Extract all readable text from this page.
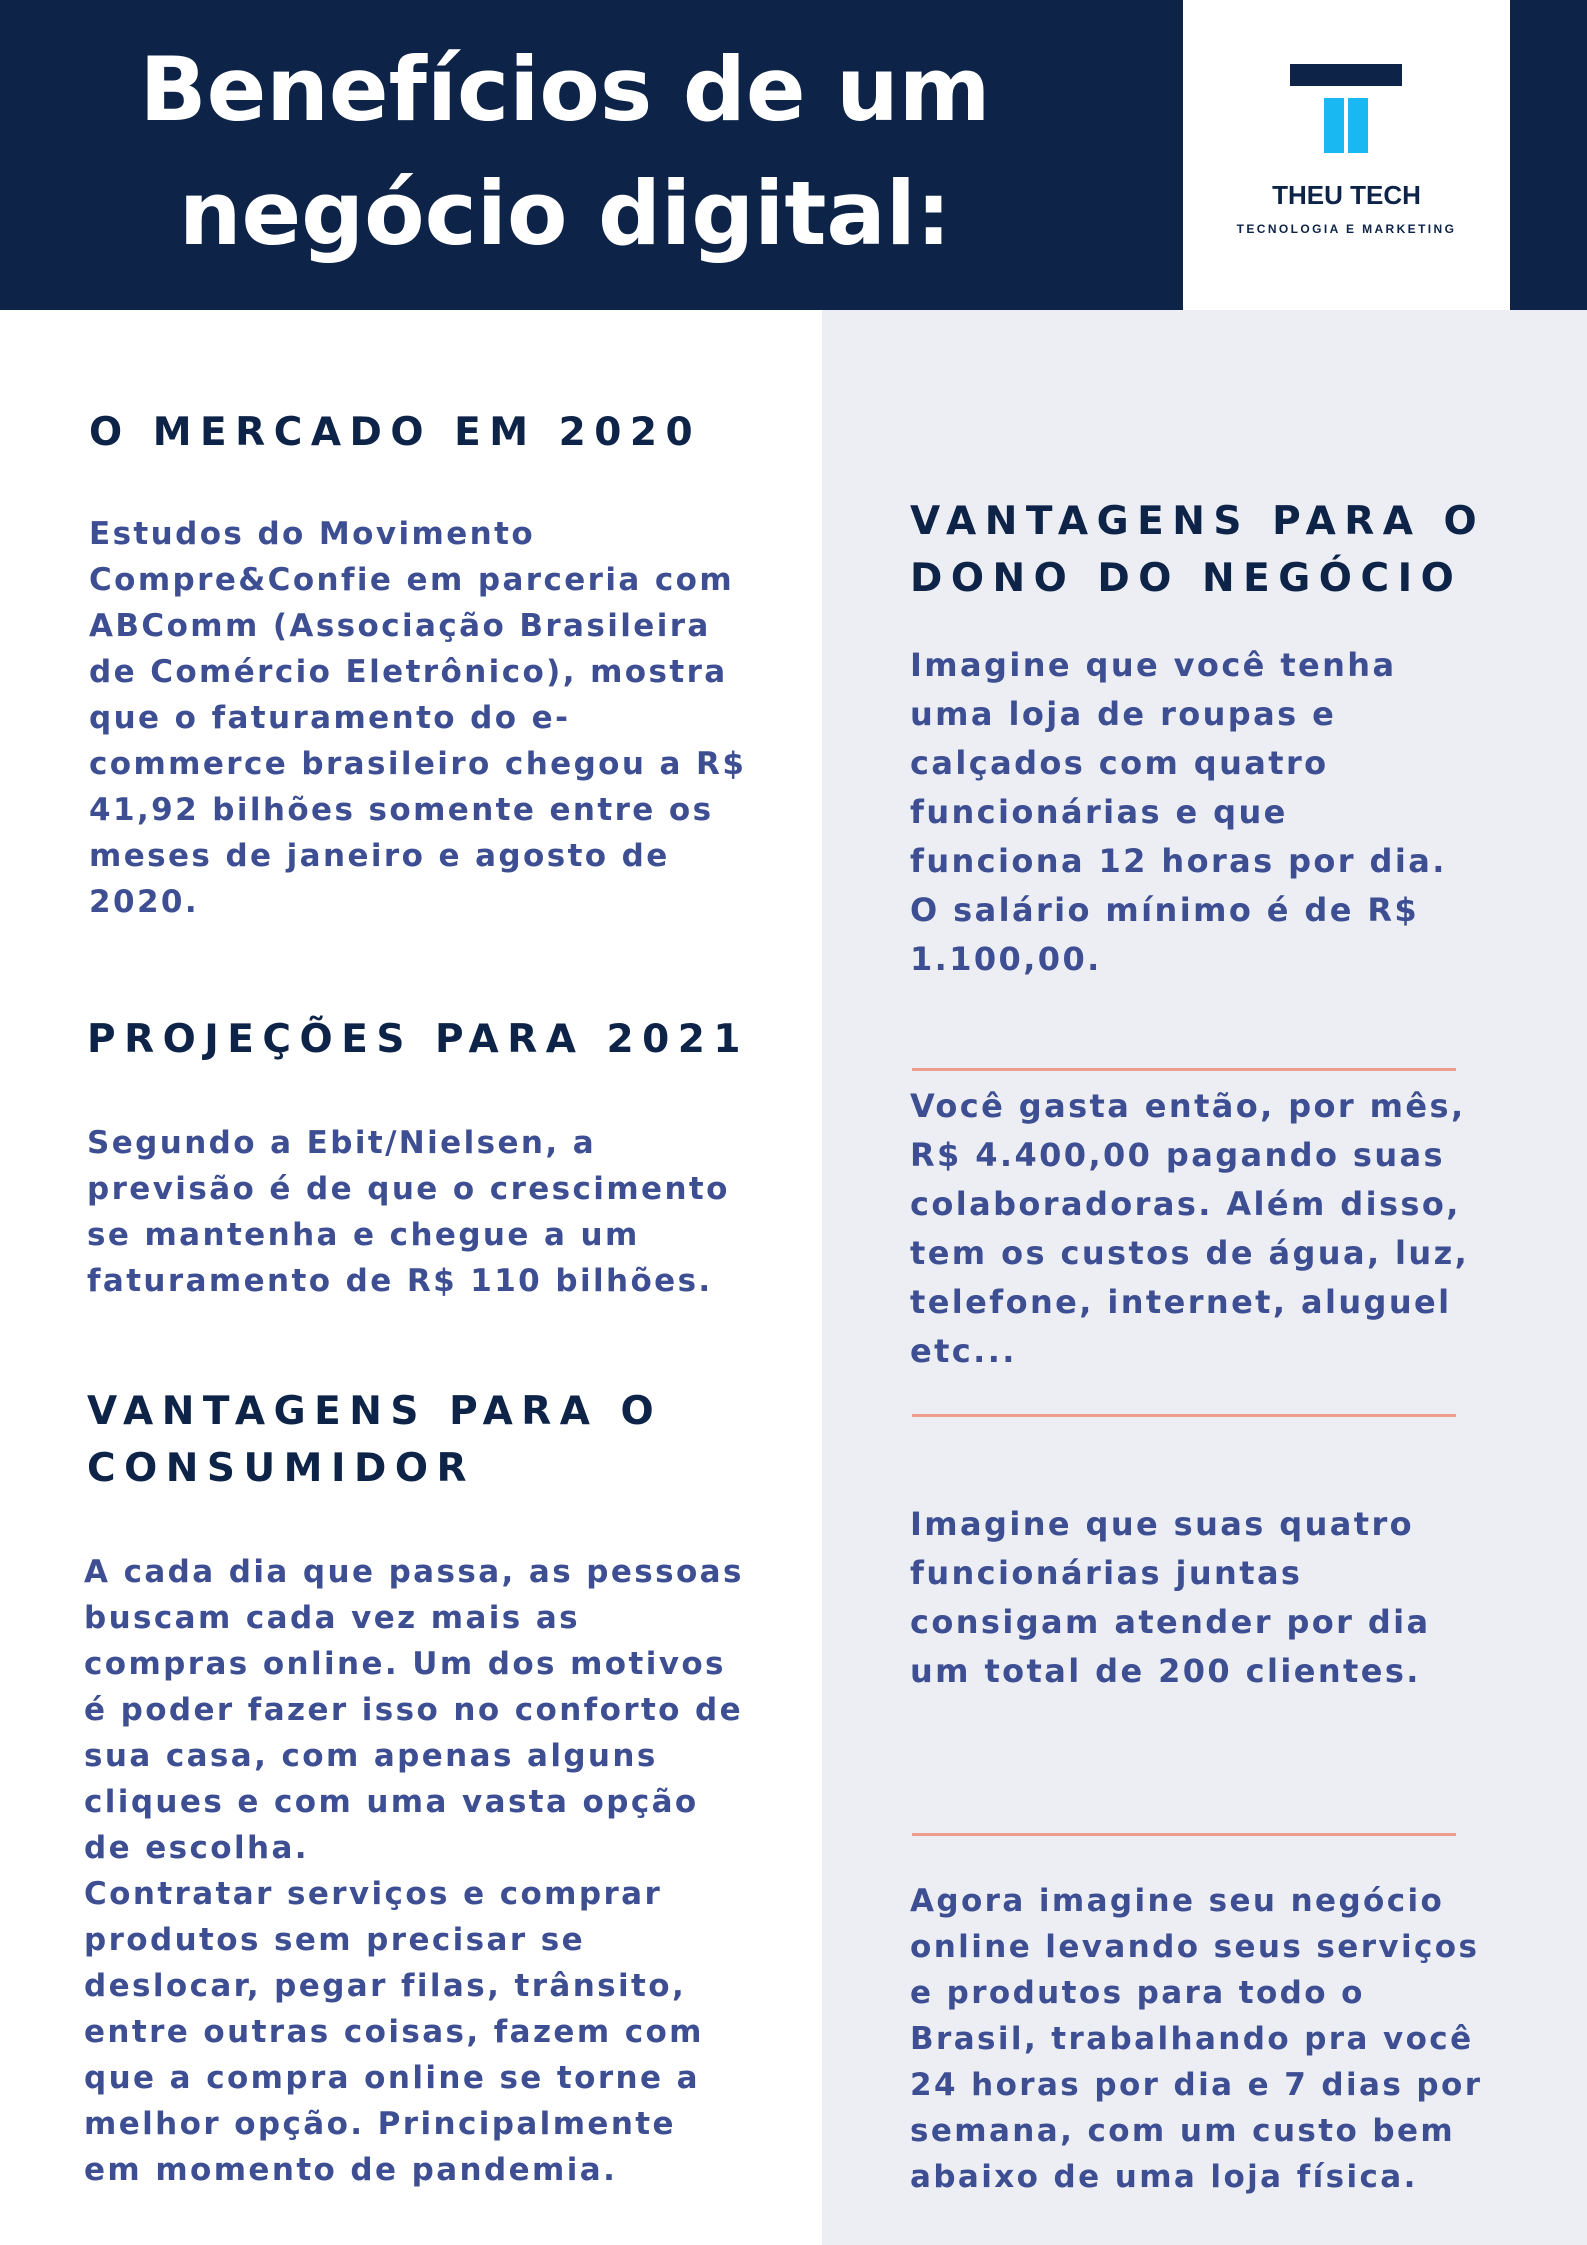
Benefícios de um
negócio digital:	THEU TECH
TECNOLOGIA E MARKETING
O MERCADO EM 2020

Estudos do Movimento
Compre&Confie em parceria com
ABComm (Associação Brasileira
de Comércio Eletrônico), mostra
que o faturamento do e-
commerce brasileiro chegou a R$
41,92 bilhões somente entre os
meses de janeiro e agosto de
2020.

PROJEÇÕES PARA 2021

Segundo a Ebit/Nielsen, a
previsão é de que o crescimento
se mantenha e chegue a um
faturamento de R$ 110 bilhões.

VANTAGENS PARA O
CONSUMIDOR

A cada dia que passa, as pessoas
buscam cada vez mais as
compras online. Um dos motivos
é poder fazer isso no conforto de
sua casa, com apenas alguns
cliques e com uma vasta opção
de escolha.
Contratar serviços e comprar
produtos sem precisar se
deslocar, pegar filas, trânsito,
entre outras coisas, fazem com
que a compra online se torne a
melhor opção. Principalmente
em momento de pandemia.

VANTAGENS PARA O
DONO DO NEGÓCIO

Imagine que você tenha
uma loja de roupas e
calçados com quatro
funcionárias e que
funciona 12 horas por dia.
O salário mínimo é de R$
1.100,00.

Você gasta então, por mês,
R$ 4.400,00 pagando suas
colaboradoras. Além disso,
tem os custos de água, luz,
telefone, internet, aluguel
etc...

Imagine que suas quatro
funcionárias juntas
consigam atender por dia
um total de 200 clientes.

Agora imagine seu negócio
online levando seus serviços
e produtos para todo o
Brasil, trabalhando pra você
24 horas por dia e 7 dias por
semana, com um custo bem
abaixo de uma loja física.
